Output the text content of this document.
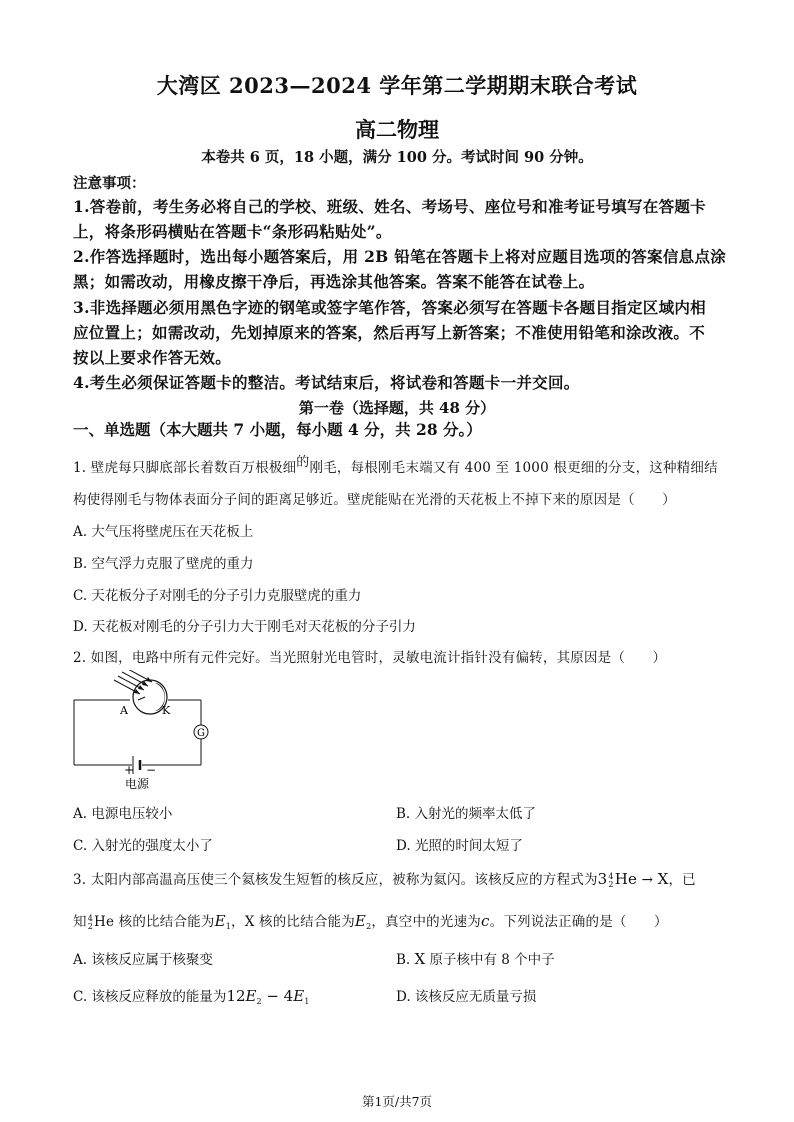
大湾区 2023—2024 学年第二学期期末联合考试
高二物理
本卷共 6 页，18 小题，满分 100 分。考试时间 90 分钟。
注意事项：
1.答卷前，考生务必将自己的学校、班级、姓名、考场号、座位号和准考证号填写在答题卡
上，将条形码横贴在答题卡“条形码粘贴处”。
2.作答选择题时，选出每小题答案后，用 2B 铅笔在答题卡上将对应题目选项的答案信息点涂
黑；如需改动，用橡皮擦干净后，再选涂其他答案。答案不能答在试卷上。
3.非选择题必须用黑色字迹的钢笔或签字笔作答，答案必须写在答题卡各题目指定区域内相
应位置上；如需改动，先划掉原来的答案，然后再写上新答案；不准使用铅笔和涂改液。不
按以上要求作答无效。
4.考生必须保证答题卡的整洁。考试结束后，将试卷和答题卡一并交回。
第一卷（选择题，共 48 分）
一、单选题（本大题共 7 小题，每小题 4 分，共 28 分。）
1. 壁虎每只脚底部长着数百万根极细的刚毛，每根刚毛末端又有 400 至 1000 根更细的分支，这种精细结
构使得刚毛与物体表面分子间的距离足够近。壁虎能贴在光滑的天花板上不掉下来的原因是（　　）
A. 大气压将壁虎压在天花板上
B. 空气浮力克服了壁虎的重力
C. 天花板分子对刚毛的分子引力克服壁虎的重力
D. 天花板对刚毛的分子引力大于刚毛对天花板的分子引力
2. 如图，电路中所有元件完好。当光照射光电管时，灵敏电流计指针没有偏转，其原因是（　　）
A	K
G
+ −
电源
A. 电源电压较小	B. 入射光的频率太低了
C. 入射光的强度太小了	D. 光照的时间太短了
3. 太阳内部高温高压使三个氦核发生短暂的核反应，被称为氦闪。该核反应的方程式为34
2He → X，已
知4
2He 核的比结合能为$E_1$，X 核的比结合能为$E_2$，真空中的光速为c。下列说法正确的是（　　）
A. 该核反应属于核聚变	B. X 原子核中有 8 个中子
C. 该核反应释放的能量为$12E_2 - 4E_1$	D. 该核反应无质量亏损
第1页/共7页
